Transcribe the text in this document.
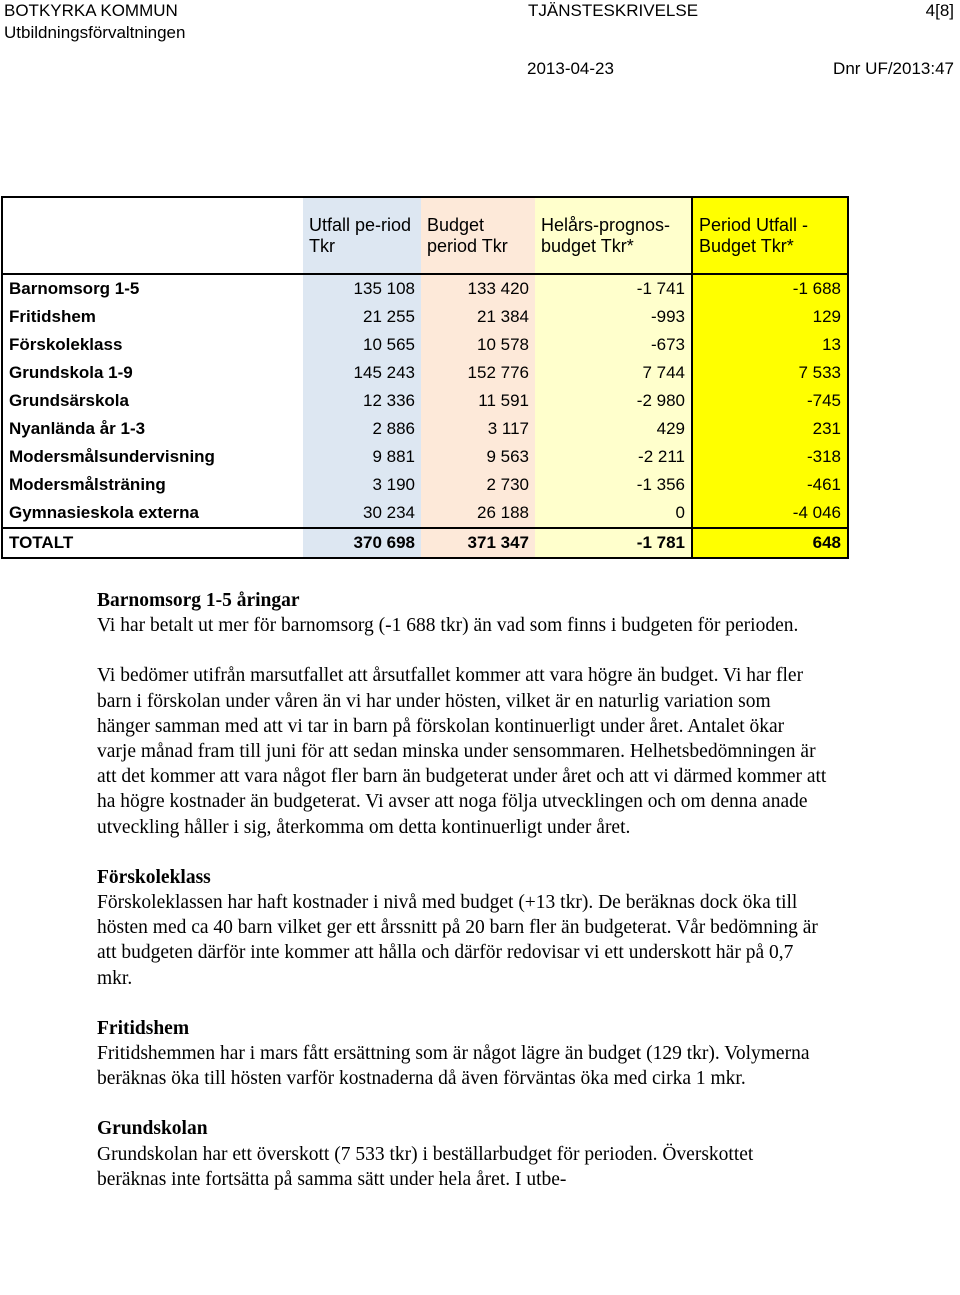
BOTKYRKA KOMMUN
Utbildningsförvaltningen
TJÄNSTESKRIVELSE	4[8]
2013-04-23	Dnr UF/2013:47
	Utfall pe-riod Tkr	Budget period Tkr	Helårs-prognos-budget Tkr*	Period Utfall - Budget Tkr*
Barnomsorg 1-5	135 108	133 420	-1 741	-1 688
Fritidshem	21 255	21 384	-993	129
Förskoleklass	10 565	10 578	-673	13
Grundskola 1-9	145 243	152 776	7 744	7 533
Grundsärskola	12 336	11 591	-2 980	-745
Nyanlända år 1-3	2 886	3 117	429	231
Modersmålsundervisning	9 881	9 563	-2 211	-318
Modersmålsträning	3 190	2 730	-1 356	-461
Gymnasieskola externa	30 234	26 188	0	-4 046
TOTALT	370 698	371 347	-1 781	648
Barnomsorg 1-5 åringar

Vi har betalt ut mer för barnomsorg (-1 688 tkr) än vad som finns i budgeten för perioden.

Vi bedömer utifrån marsutfallet att årsutfallet kommer att vara högre än budget. Vi har fler barn i förskolan under våren än vi har under hösten, vilket är en naturlig variation som hänger samman med att vi tar in barn på förskolan kontinuerligt under året. Antalet ökar varje månad fram till juni för att sedan minska under sensommaren. Helhetsbedömningen är att det kommer att vara något fler barn än budgeterat under året och att vi därmed kommer att ha högre kostnader än budgeterat. Vi avser att noga följa utvecklingen och om denna anade utveckling håller i sig, återkomma om detta kontinuerligt under året.

Förskoleklass

Förskoleklassen har haft kostnader i nivå med budget (+13 tkr). De beräknas dock öka till hösten med ca 40 barn vilket ger ett årssnitt på 20 barn fler än budgeterat. Vår bedömning är att budgeten därför inte kommer att hålla och därför redovisar vi ett underskott här på 0,7 mkr.

Fritidshem

Fritidshemmen har i mars fått ersättning som är något lägre än budget (129 tkr). Volymerna beräknas öka till hösten varför kostnaderna då även förväntas öka med cirka 1 mkr.

Grundskolan

Grundskolan har ett överskott (7 533 tkr) i beställarbudget för perioden. Överskottet beräknas inte fortsätta på samma sätt under hela året. I utbe-
